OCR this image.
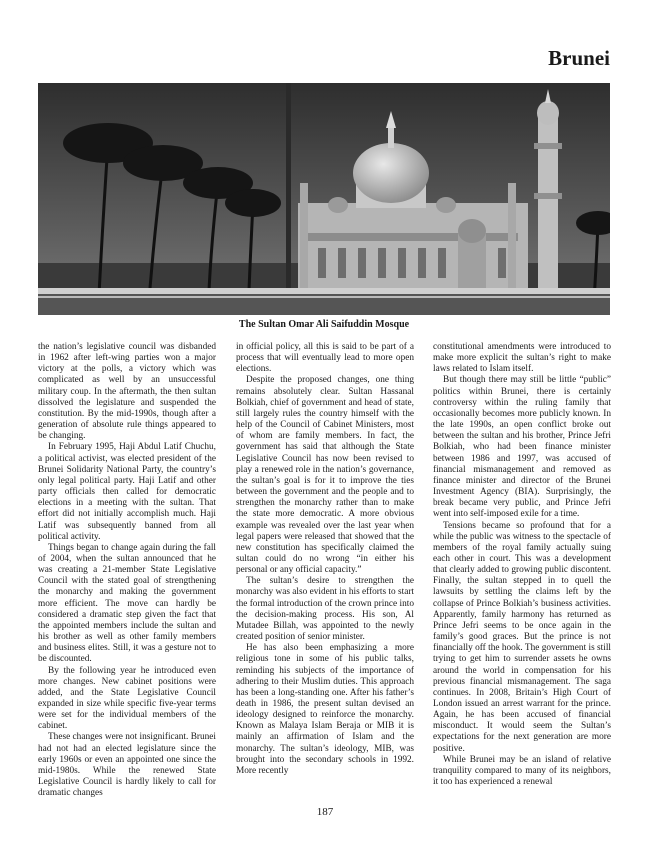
Brunei
The Sultan Omar Ali Saifuddin Mosque

the nation’s legislative council was disbanded in 1962 after left-wing parties won a major victory at the polls, a victory which was complicated as well by an unsuccessful military coup. In the aftermath, the then sultan dissolved the legislature and suspended the constitution. By the mid-1990s, though after a generation of absolute rule things appeared to be changing.

In February 1995, Haji Abdul Latif Chuchu, a political activist, was elected president of the Brunei Solidarity National Party, the country’s only legal political party. Haji Latif and other party officials then called for democratic elections in a meeting with the sultan. That effort did not initially accomplish much. Haji Latif was subsequently banned from all political activity.

Things began to change again during the fall of 2004, when the sultan announced that he was creating a 21-member State Legislative Council with the stated goal of strengthening the monarchy and making the government more efficient. The move can hardly be considered a dramatic step given the fact that the appointed members include the sultan and his brother as well as other family members and business elites. Still, it was a gesture not to be discounted.

By the following year he introduced even more changes. New cabinet positions were added, and the State Legislative Council expanded in size while specific five-year terms were set for the individual members of the cabinet.

These changes were not insignificant. Brunei had not had an elected legislature since the early 1960s or even an appointed one since the mid-1980s. While the renewed State Legislative Council is hardly likely to call for dramatic changes

in official policy, all this is said to be part of a process that will eventually lead to more open elections.

Despite the proposed changes, one thing remains absolutely clear. Sultan Hassanal Bolkiah, chief of government and head of state, still largely rules the country himself with the help of the Council of Cabinet Ministers, most of whom are family members. In fact, the government has said that although the State Legislative Council has now been revised to play a renewed role in the nation’s governance, the sultan’s goal is for it to improve the ties between the government and the people and to strengthen the monarchy rather than to make the state more democratic. A more obvious example was revealed over the last year when legal papers were released that showed that the new constitution has specifically claimed the sultan could do no wrong “in either his personal or any official capacity.”

The sultan’s desire to strengthen the monarchy was also evident in his efforts to start the formal introduction of the crown prince into the decision-making process. His son, Al Mutadee Billah, was appointed to the newly created position of senior minister.

He has also been emphasizing a more religious tone in some of his public talks, reminding his subjects of the importance of adhering to their Muslim duties. This approach has been a long-standing one. After his father’s death in 1986, the present sultan devised an ideology designed to reinforce the monarchy. Known as Malaya Islam Beraja or MIB it is mainly an affirmation of Islam and the monarchy. The sultan’s ideology, MIB, was brought into the secondary schools in 1992. More recently

constitutional amendments were introduced to make more explicit the sultan’s right to make laws related to Islam itself.

But though there may still be little “public” politics within Brunei, there is certainly controversy within the ruling family that occasionally becomes more publicly known. In the late 1990s, an open conflict broke out between the sultan and his brother, Prince Jefri Bolkiah, who had been finance minister between 1986 and 1997, was accused of financial mismanagement and removed as finance minister and director of the Brunei Investment Agency (BIA). Surprisingly, the break became very public, and Prince Jefri went into self-imposed exile for a time.

Tensions became so profound that for a while the public was witness to the spectacle of members of the royal family actually suing each other in court. This was a development that clearly added to growing public discontent. Finally, the sultan stepped in to quell the lawsuits by settling the claims left by the collapse of Prince Bolkiah’s business activities. Apparently, family harmony has returned as Prince Jefri seems to be once again in the family’s good graces. But the prince is not financially off the hook. The government is still trying to get him to surrender assets he owns around the world in compensation for his previous financial mismanagement. The saga continues. In 2008, Britain’s High Court of London issued an arrest warrant for the prince. Again, he has been accused of financial misconduct. It would seem the Sultan’s expectations for the next generation are more positive.

While Brunei may be an island of relative tranquility compared to many of its neighbors, it too has experienced a renewal

187
